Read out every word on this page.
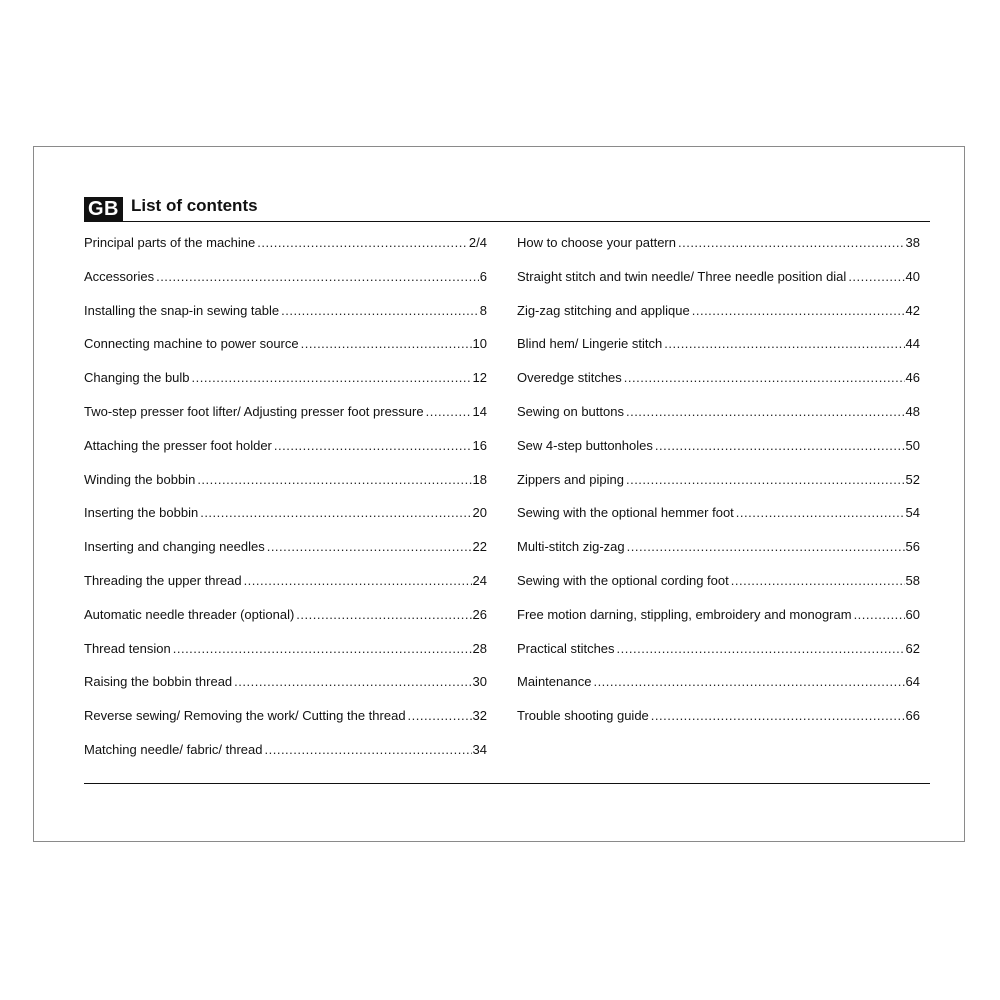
GB List of contents
Principal parts of the machine .....	2/4
Accessories .....	6
Installing the snap-in sewing table .....	8
Connecting machine to power source .....	10
Changing the bulb .....	12
Two-step presser foot lifter/ Adjusting presser foot pressure .....	14
Attaching the presser foot holder .....	16
Winding the bobbin .....	18
Inserting the bobbin .....	20
Inserting and changing needles .....	22
Threading the upper thread .....	24
Automatic needle threader (optional) .....	26
Thread tension .....	28
Raising the bobbin thread .....	30
Reverse sewing/ Removing the work/ Cutting the thread .....	32
Matching needle/ fabric/ thread .....	34
How to choose your pattern .....	38
Straight stitch and twin needle/ Three needle position dial .....	40
Zig-zag stitching and applique .....	42
Blind hem/ Lingerie stitch .....	44
Overedge stitches .....	46
Sewing on buttons .....	48
Sew 4-step buttonholes .....	50
Zippers and piping .....	52
Sewing with the optional hemmer foot .....	54
Multi-stitch zig-zag .....	56
Sewing with the optional cording foot .....	58
Free motion darning, stippling, embroidery and monogram .....	60
Practical stitches .....	62
Maintenance .....	64
Trouble shooting guide .....	66
